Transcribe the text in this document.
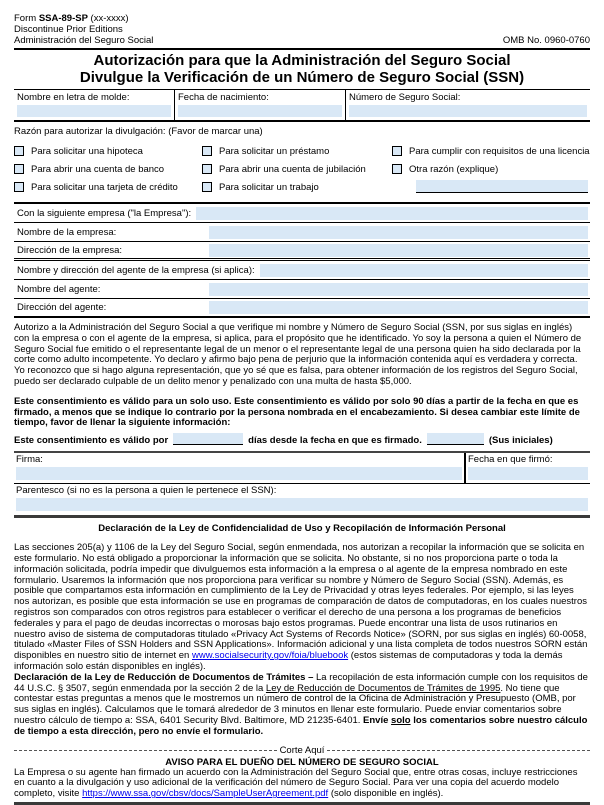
Form SSA-89-SP (xx-xxxx)

Discontinue Prior Editions

Administración del Seguro Social	OMB No. 0960-0760
Autorización para que la Administración del Seguro Social
Divulgue la Verificación de un Número de Seguro Social (SSN)
Nombre en letra de molde:	Fecha de nacimiento:	Número de Seguro Social:
Razón para autorizar la divulgación: (Favor de marcar una)
Para solicitar una hipoteca
Para abrir una cuenta de banco
Para solicitar una tarjeta de crédito
Para solicitar un préstamo
Para abrir una cuenta de jubilación
Para solicitar un trabajo
Para cumplir con requisitos de una licencia
Otra razón (explique)
Con la siguiente empresa ("la Empresa"):
Nombre de la empresa:
Dirección de la empresa:
Nombre y dirección del agente de la empresa (si aplica):
Nombre del agente:
Dirección del agente:

Autorizo a la Administración del Seguro Social a que verifique mi nombre y Número de Seguro Social (SSN, por sus siglas en inglés) con la empresa o con el agente de la empresa, si aplica, para el propósito que he identificado. Yo soy la persona a quien el Número de Seguro Social fue emitido o el representante legal de un menor o el representante legal de una persona quien ha sido declarada por la corte como adulto incompetente. Yo declaro y afirmo bajo pena de perjurio que la información contenida aquí es verdadera y correcta. Yo reconozco que si hago alguna representación, que yo sé que es falsa, para obtener información de los registros del Seguro Social, puedo ser declarado culpable de un delito menor y penalizado con una multa de hasta $5,000.

Este consentimiento es válido para un solo uso. Este consentimiento es válido por solo 90 días a partir de la fecha en que es firmado, a menos que se indique lo contrario por la persona nombrada en el encabezamiento. Si desea cambiar este límite de tiempo, favor de llenar la siguiente información:

Este consentimiento es válido por	días desde la fecha en que es firmado.	(Sus iniciales)
Firma:	Fecha en que firmó:
Parentesco (si no es la persona a quien le pertenece el SSN):
Declaración de la Ley de Confidencialidad de Uso y Recopilación de Información Personal

Las secciones 205(a) y 1106 de la Ley del Seguro Social, según enmendada, nos autorizan a recopilar la información que se solicita en este formulario. No está obligado a proporcionar la información que se solicita. No obstante, si no nos proporciona parte o toda la información solicitada, podría impedir que divulguemos esta información a la empresa o al agente de la empresa nombrado en este formulario. Usaremos la información que nos proporciona para verificar su nombre y Número de Seguro Social (SSN). Además, es posible que compartamos esta información en cumplimiento de la Ley de Privacidad y otras leyes federales. Por ejemplo, si las leyes nos autorizan, es posible que esta información se use en programas de comparación de datos de computadoras, en los cuales nuestros registros son comparados con otros registros para establecer o verificar el derecho de una persona a los programas de beneficios federales y para el pago de deudas incorrectas o morosas bajo estos programas. Puede encontrar una lista de usos rutinarios en nuestro aviso de sistema de computadoras titulado «Privacy Act Systems of Records Notice» (SORN, por sus siglas en inglés) 60-0058, titulado «Master Files of SSN Holders and SSN Applications». Información adicional y una lista completa de todos nuestros SORN están disponibles en nuestro sitio de internet en www.socialsecurity.gov/foia/bluebook (estos sistemas de computadoras y toda la demás información solo están disponibles en inglés).

Declaración de la Ley de Reducción de Documentos de Trámites – La recopilación de esta información cumple con los requisitos de 44 U.S.C. § 3507, según enmendada por la sección 2 de la Ley de Reducción de Documentos de Trámites de 1995. No tiene que contestar estas preguntas a menos que le mostremos un número de control de la Oficina de Administración y Presupuesto (OMB, por sus siglas en inglés). Calculamos que le tomará alrededor de 3 minutos en llenar este formulario. Puede enviar comentarios sobre nuestro cálculo de tiempo a: SSA, 6401 Security Blvd. Baltimore, MD 21235-6401. Envíe solo los comentarios sobre nuestro cálculo de tiempo a esta dirección, pero no envíe el formulario.

Corte Aquí
AVISO PARA EL DUEÑO DEL NÚMERO DE SEGURO SOCIAL

La Empresa o su agente han firmado un acuerdo con la Administración del Seguro Social que, entre otras cosas, incluye restricciones en cuanto a la divulgación y uso adicional de la verificación del número de Seguro Social. Para ver una copia del acuerdo modelo completo, visite https://www.ssa.gov/cbsv/docs/SampleUserAgreement.pdf (solo disponible en inglés).
